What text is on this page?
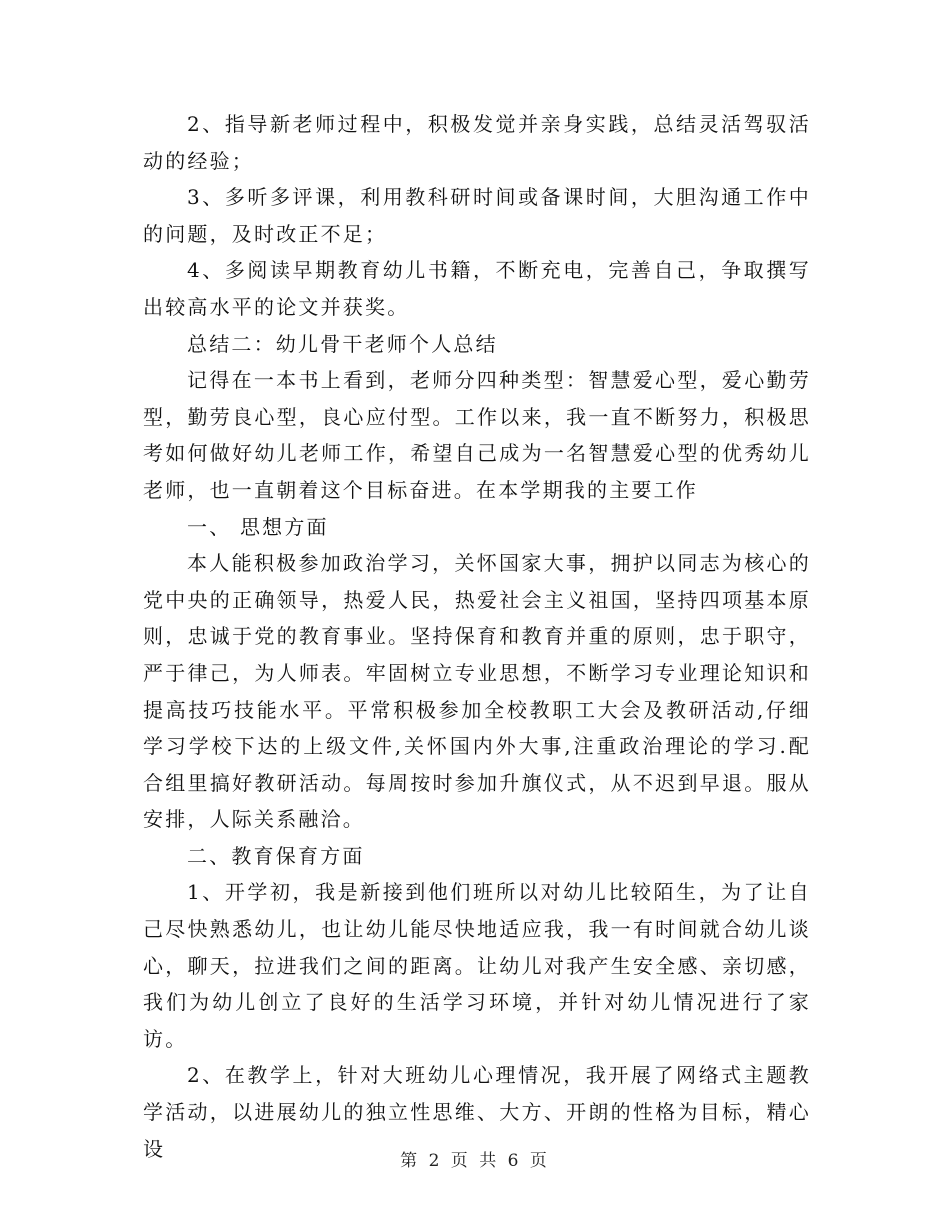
2、指导新老师过程中，积极发觉并亲身实践，总结灵活驾驭活动的经验；

3、多听多评课，利用教科研时间或备课时间，大胆沟通工作中的问题，及时改正不足；

4、多阅读早期教育幼儿书籍，不断充电，完善自己，争取撰写出较高水平的论文并获奖。

总结二：幼儿骨干老师个人总结

记得在一本书上看到，老师分四种类型：智慧爱心型，爱心勤劳型，勤劳良心型，良心应付型。工作以来，我一直不断努力，积极思考如何做好幼儿老师工作，希望自己成为一名智慧爱心型的优秀幼儿老师，也一直朝着这个目标奋进。在本学期我的主要工作

一、 思想方面

本人能积极参加政治学习，关怀国家大事，拥护以同志为核心的党中央的正确领导，热爱人民，热爱社会主义祖国，坚持四项基本原则，忠诚于党的教育事业。坚持保育和教育并重的原则，忠于职守，严于律己，为人师表。牢固树立专业思想，不断学习专业理论知识和提高技巧技能水平。平常积极参加全校教职工大会及教研活动,仔细学习学校下达的上级文件,关怀国内外大事,注重政治理论的学习.配合组里搞好教研活动。每周按时参加升旗仪式，从不迟到早退。服从安排，人际关系融洽。

二、教育保育方面

1、开学初，我是新接到他们班所以对幼儿比较陌生，为了让自己尽快熟悉幼儿，也让幼儿能尽快地适应我，我一有时间就合幼儿谈心，聊天，拉进我们之间的距离。让幼儿对我产生安全感、亲切感，我们为幼儿创立了良好的生活学习环境，并针对幼儿情况进行了家访。

2、在教学上，针对大班幼儿心理情况，我开展了网络式主题教学活动，以进展幼儿的独立性思维、大方、开朗的性格为目标，精心设

第 2 页 共 6 页
